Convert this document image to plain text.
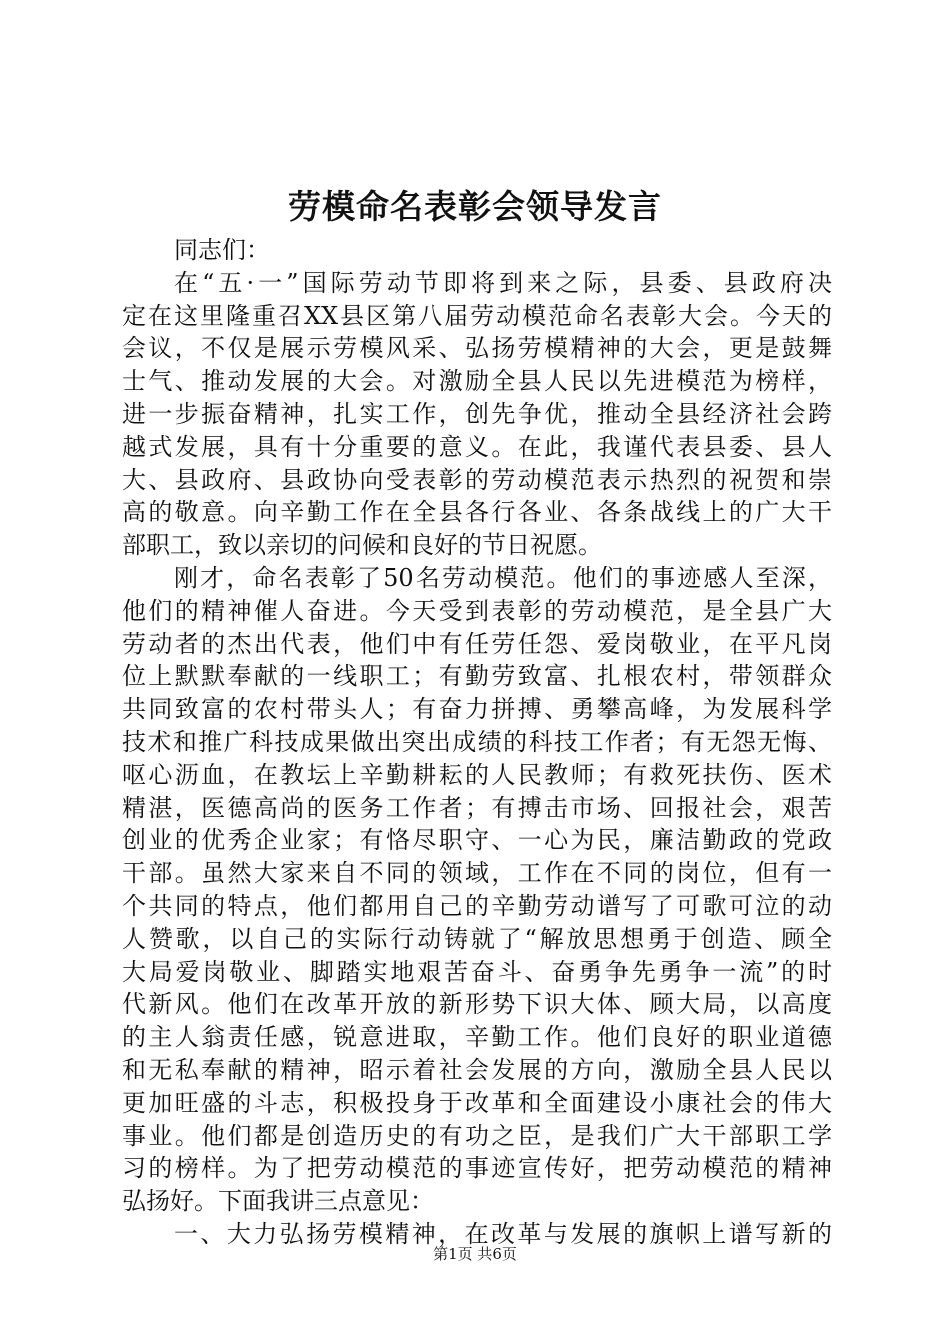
劳模命名表彰会领导发言
同志们：
在“五·一”国际劳动节即将到来之际，县委、县政府决
定在这里隆重召XX县区第八届劳动模范命名表彰大会。今天的
会议，不仅是展示劳模风采、弘扬劳模精神的大会，更是鼓舞
士气、推动发展的大会。对激励全县人民以先进模范为榜样，
进一步振奋精神，扎实工作，创先争优，推动全县经济社会跨
越式发展，具有十分重要的意义。在此，我谨代表县委、县人
大、县政府、县政协向受表彰的劳动模范表示热烈的祝贺和崇
高的敬意。向辛勤工作在全县各行各业、各条战线上的广大干
部职工，致以亲切的问候和良好的节日祝愿。
刚才，命名表彰了50名劳动模范。他们的事迹感人至深，
他们的精神催人奋进。今天受到表彰的劳动模范，是全县广大
劳动者的杰出代表，他们中有任劳任怨、爱岗敬业，在平凡岗
位上默默奉献的一线职工；有勤劳致富、扎根农村，带领群众
共同致富的农村带头人；有奋力拼搏、勇攀高峰，为发展科学
技术和推广科技成果做出突出成绩的科技工作者；有无怨无悔、
呕心沥血，在教坛上辛勤耕耘的人民教师；有救死扶伤、医术
精湛，医德高尚的医务工作者；有搏击市场、回报社会，艰苦
创业的优秀企业家；有恪尽职守、一心为民，廉洁勤政的党政
干部。虽然大家来自不同的领域，工作在不同的岗位，但有一
个共同的特点，他们都用自己的辛勤劳动谱写了可歌可泣的动
人赞歌，以自己的实际行动铸就了“解放思想勇于创造、顾全
大局爱岗敬业、脚踏实地艰苦奋斗、奋勇争先勇争一流”的时
代新风。他们在改革开放的新形势下识大体、顾大局，以高度
的主人翁责任感，锐意进取，辛勤工作。他们良好的职业道德
和无私奉献的精神，昭示着社会发展的方向，激励全县人民以
更加旺盛的斗志，积极投身于改革和全面建设小康社会的伟大
事业。他们都是创造历史的有功之臣，是我们广大干部职工学
习的榜样。为了把劳动模范的事迹宣传好，把劳动模范的精神
弘扬好。下面我讲三点意见：
一、大力弘扬劳模精神，在改革与发展的旗帜上谱写新的
第1页 共6页
